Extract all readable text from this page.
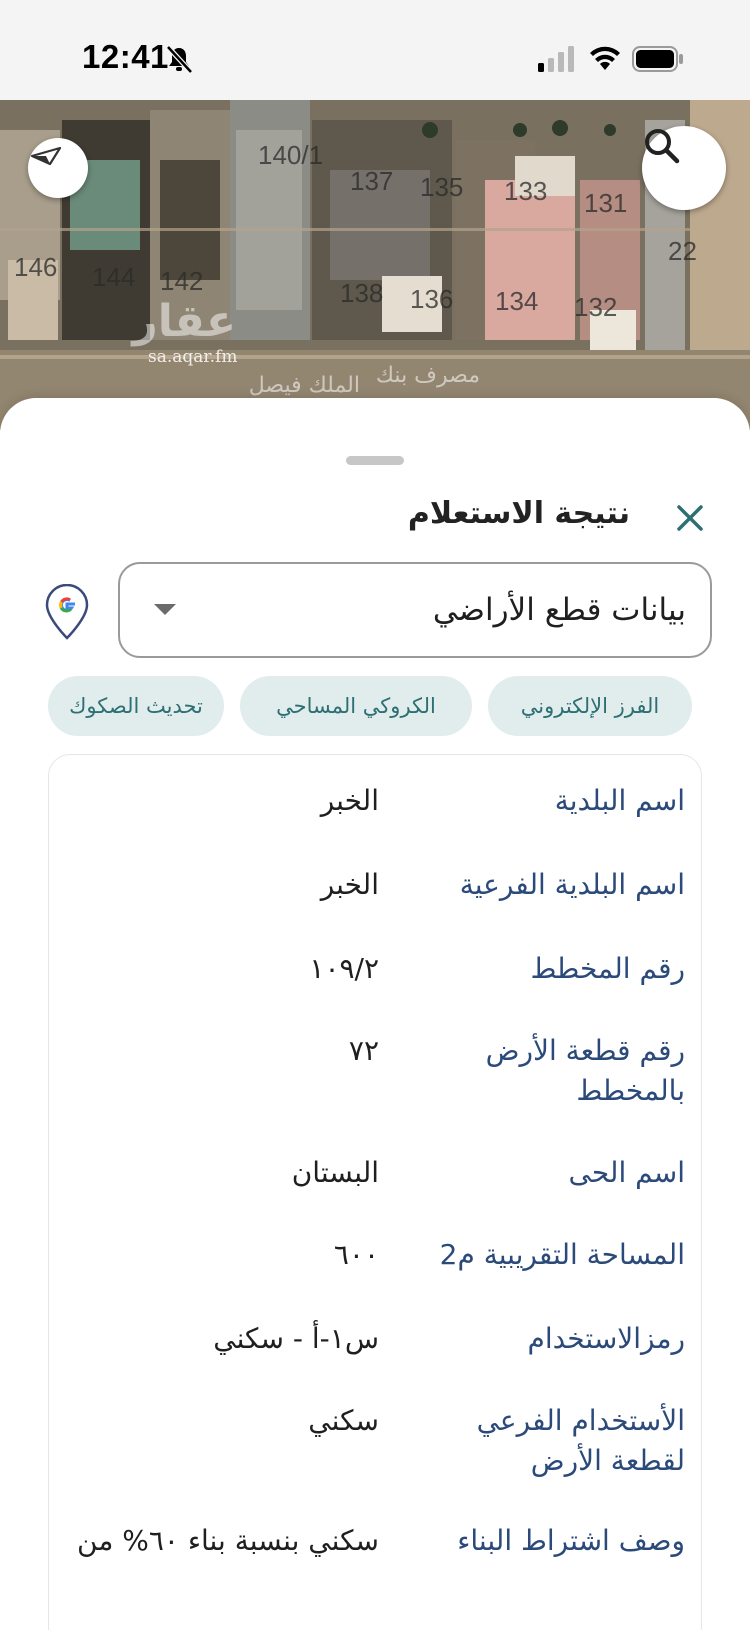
12:41
140/1
138 136 134 132
131
133
135
137
144
146	142
22
مصرف بنك
الملك فيصل
عقار
sa.aqar.fm
نتيجة الاستعلام
بيانات قطع الأراضي
الفرز الإلكتروني
الكروكي المساحي
تحديث الصكوك
اسم البلدية
الخبر
اسم البلدية الفرعية
الخبر
رقم المخطط
١٠٩/٢
رقم قطعة الأرض بالمخطط
٧٢
اسم الحى
البستان
المساحة التقريبية م2
٦٠٠
رمزالاستخدام
س١-أ - سكني
الأستخدام الفرعي لقطعة الأرض
سكني
وصف اشتراط البناء
سكني بنسبة بناء ٦٠% من
